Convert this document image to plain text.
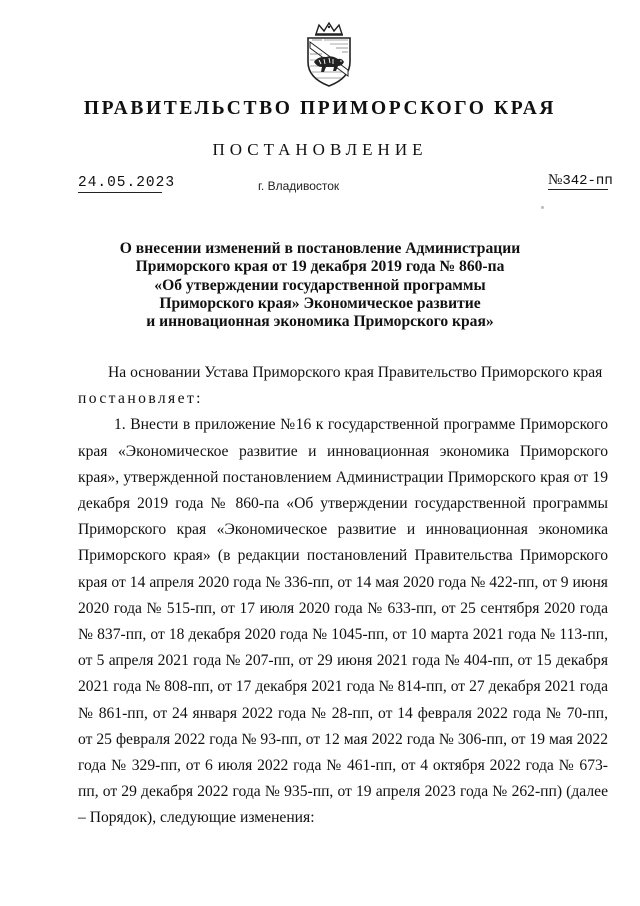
ПРАВИТЕЛЬСТВО ПРИМОРСКОГО КРАЯ
ПОСТАНОВЛЕНИЕ
24.05.2023	г. Владивосток	№342-пп
О внесении изменений в постановление Администрации
Приморского края от 19 декабря 2019 года № 860-па
«Об утверждении государственной программы
Приморского края» Экономическое развитие
и инновационная экономика Приморского края»

На основании Устава Приморского края Правительство Приморского края

постановляет:

1. Внести в приложение №16 к государственной программе Приморского края «Экономическое развитие и инновационная экономика Приморского края», утвержденной постановлением Администрации Приморского края от 19 декабря 2019 года № 860-па «Об утверждении государственной программы Приморского края «Экономическое развитие и инновационная экономика Приморского края» (в редакции постановлений Правительства Приморского края от 14 апреля 2020 года № 336-пп, от 14 мая 2020 года № 422-пп, от 9 июня 2020 года № 515-пп, от 17 июля 2020 года № 633-пп, от 25 сентября 2020 года № 837-пп, от 18 декабря 2020 года № 1045-пп, от 10 марта 2021 года № 113-пп, от 5 апреля 2021 года № 207-пп, от 29 июня 2021 года № 404-пп, от 15 декабря 2021 года № 808-пп, от 17 декабря 2021 года № 814-пп, от 27 декабря 2021 года № 861-пп, от 24 января 2022 года № 28-пп, от 14 февраля 2022 года № 70-пп, от 25 февраля 2022 года № 93-пп, от 12 мая 2022 года № 306-пп, от 19 мая 2022 года № 329-пп, от 6 июля 2022 года № 461-пп, от 4 октября 2022 года № 673-пп, от 29 декабря 2022 года № 935-пп, от 19 апреля 2023 года № 262-пп) (далее – Порядок), следующие изменения:
